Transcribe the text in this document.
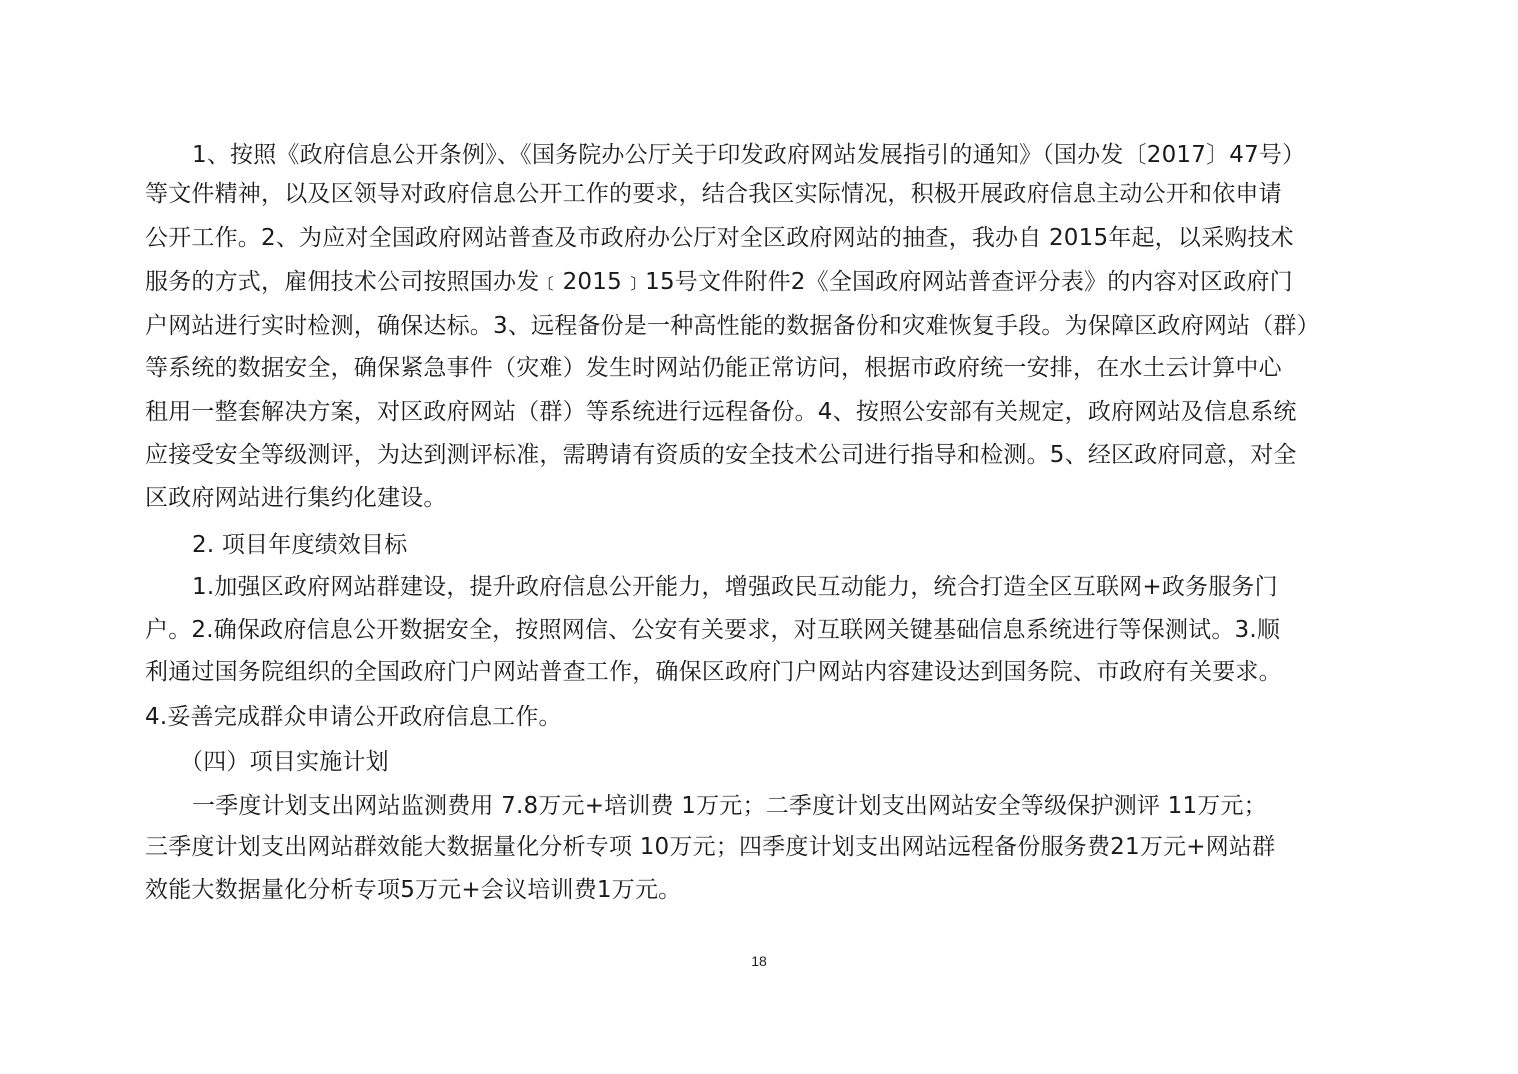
1、按照《政府信息公开条例》、《国务院办公厅关于印发政府网站发展指引的通知》（国办发〔2017〕47号）
等文件精神，以及区领导对政府信息公开工作的要求，结合我区实际情况，积极开展政府信息主动公开和依申请
公开工作。2、为应对全国政府网站普查及市政府办公厅对全区政府网站的抽查，我办自 2015年起，以采购技术
服务的方式，雇佣技术公司按照国办发﹝2015﹞15号文件附件2《全国政府网站普查评分表》的内容对区政府门
户网站进行实时检测，确保达标。3、远程备份是一种高性能的数据备份和灾难恢复手段。为保障区政府网站（群）
等系统的数据安全，确保紧急事件（灾难）发生时网站仍能正常访问，根据市政府统一安排，在水土云计算中心
租用一整套解决方案，对区政府网站（群）等系统进行远程备份。4、按照公安部有关规定，政府网站及信息系统
应接受安全等级测评，为达到测评标准，需聘请有资质的安全技术公司进行指导和检测。5、经区政府同意，对全
区政府网站进行集约化建设。
2. 项目年度绩效目标
1.加强区政府网站群建设，提升政府信息公开能力，增强政民互动能力，统合打造全区互联网+政务服务门
户。2.确保政府信息公开数据安全，按照网信、公安有关要求，对互联网关键基础信息系统进行等保测试。3.顺
利通过国务院组织的全国政府门户网站普查工作，确保区政府门户网站内容建设达到国务院、市政府有关要求。
4.妥善完成群众申请公开政府信息工作。
（四）项目实施计划
一季度计划支出网站监测费用 7.8万元+培训费 1万元；二季度计划支出网站安全等级保护测评 11万元；
三季度计划支出网站群效能大数据量化分析专项 10万元；四季度计划支出网站远程备份服务费21万元+网站群
效能大数据量化分析专项5万元+会议培训费1万元。
18
